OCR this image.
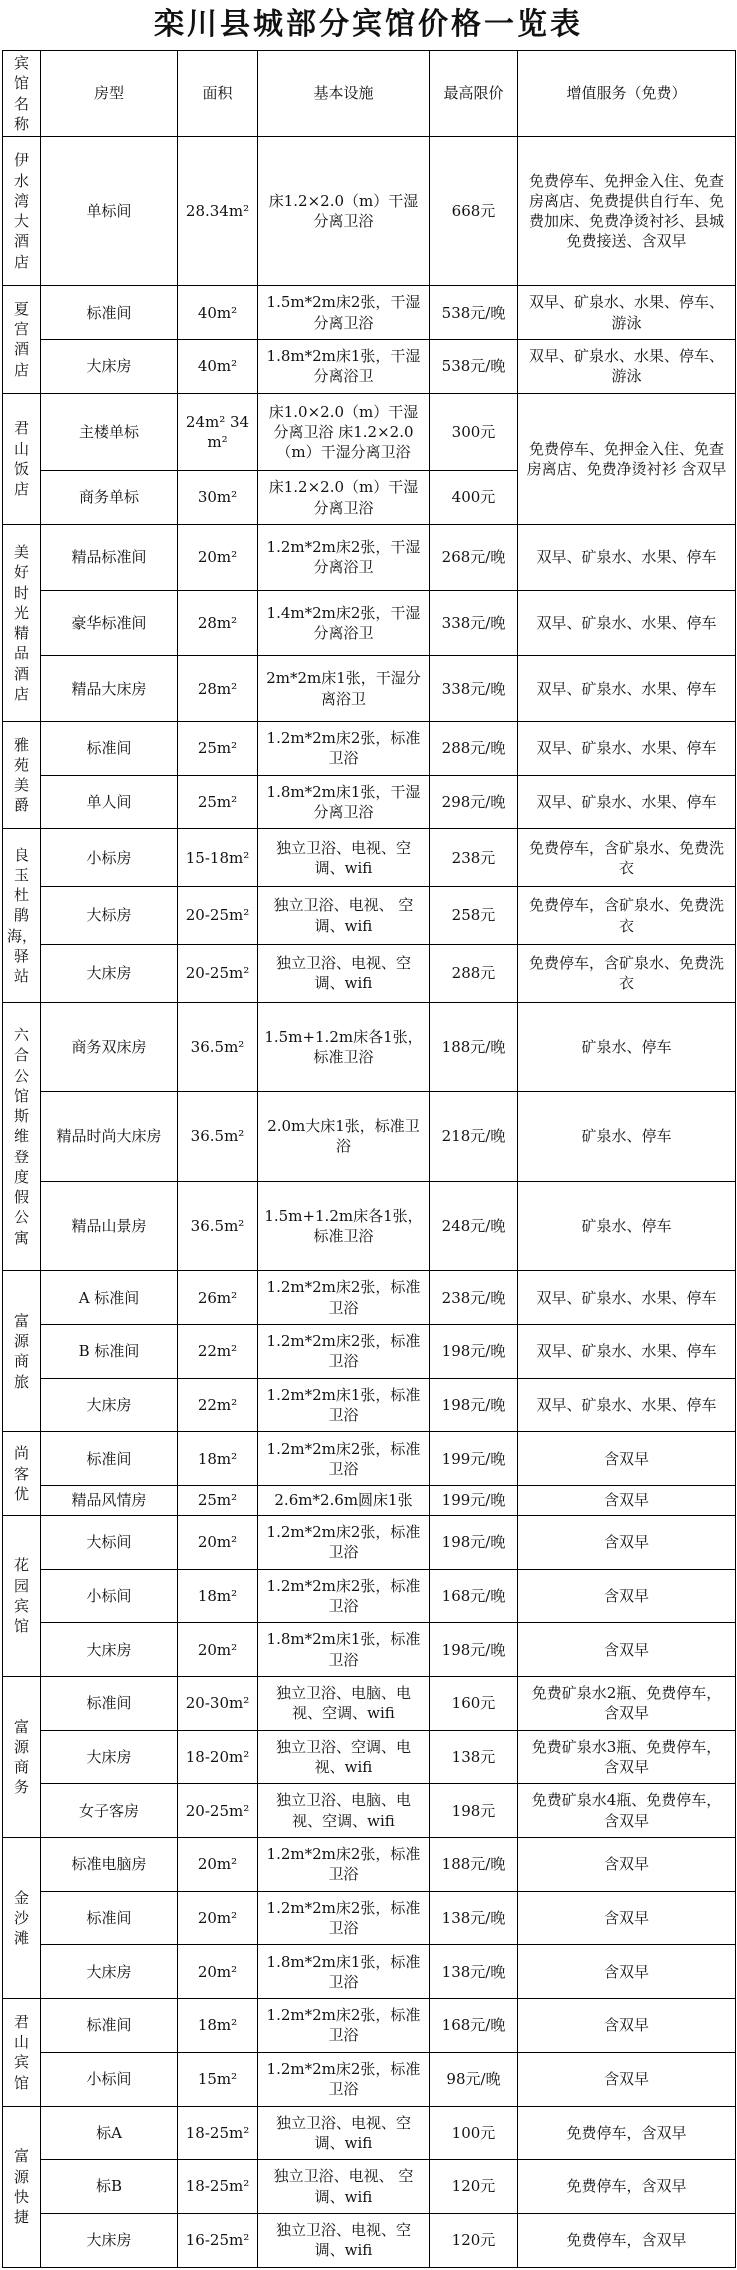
栾川县城部分宾馆价格一览表
宾馆名称	房型	面积	基本设施	最高限价	增值服务（免费）
伊水湾大酒店	单标间	28.34m²	床1.2×2.0（m）干湿分离卫浴	668元	免费停车、免押金入住、免查房离店、免费提供自行车、免费加床、免费净烫衬衫、县城免费接送、含双早
夏宫酒店	标准间	40m²	1.5m*2m床2张，干湿分离卫浴	538元/晚	双早、矿泉水、水果、停车、游泳
	大床房	40m²	1.8m*2m床1张，干湿分离浴卫	538元/晚	双早、矿泉水、水果、停车、游泳
君山饭店	主楼单标	24m² 34m²	床1.0×2.0（m）干湿分离卫浴 床1.2×2.0（m）干湿分离卫浴	300元	免费停车、免押金入住、免查房离店、免费净烫衬衫 含双早
	商务单标	30m²	床1.2×2.0（m）干湿分离卫浴	400元	
美好时光精品酒店	精品标准间	20m²	1.2m*2m床2张，干湿分离浴卫	268元/晚	双早、矿泉水、水果、停车
	豪华标准间	28m²	1.4m*2m床2张，干湿分离浴卫	338元/晚	双早、矿泉水、水果、停车
	精品大床房	28m²	2m*2m床1张，干湿分离浴卫	338元/晚	双早、矿泉水、水果、停车
雅苑美爵	标准间	25m²	1.2m*2m床2张，标准卫浴	288元/晚	双早、矿泉水、水果、停车
	单人间	25m²	1.8m*2m床1张，干湿分离卫浴	298元/晚	双早、矿泉水、水果、停车
良玉杜鹃海，驿站	小标房	15-18m²	独立卫浴、电视、空调、wifi	238元	免费停车，含矿泉水、免费洗衣
	大标房	20-25m²	独立卫浴、电视、 空调、wifi	258元	免费停车，含矿泉水、免费洗衣
	大床房	20-25m²	独立卫浴、电视、空调、wifi	288元	免费停车，含矿泉水、免费洗衣
六合公馆斯维登度假公寓	商务双床房	36.5m²	1.5m+1.2m床各1张，标准卫浴	188元/晚	矿泉水、停车
	精品时尚大床房	36.5m²	2.0m大床1张，标准卫浴	218元/晚	矿泉水、停车
	精品山景房	36.5m²	1.5m+1.2m床各1张，标准卫浴	248元/晚	矿泉水、停车
富源商旅	A 标准间	26m²	1.2m*2m床2张，标准卫浴	238元/晚	双早、矿泉水、水果、停车
	B 标准间	22m²	1.2m*2m床2张，标准卫浴	198元/晚	双早、矿泉水、水果、停车
	大床房	22m²	1.2m*2m床1张，标准卫浴	198元/晚	双早、矿泉水、水果、停车
尚客优	标准间	18m²	1.2m*2m床2张，标准卫浴	199元/晚	含双早
	精品风情房	25m²	2.6m*2.6m圆床1张	199元/晚	含双早
花园宾馆	大标间	20m²	1.2m*2m床2张，标准卫浴	198元/晚	含双早
	小标间	18m²	1.2m*2m床2张，标准卫浴	168元/晚	含双早
	大床房	20m²	1.8m*2m床1张，标准卫浴	198元/晚	含双早
富源商务	标准间	20-30m²	独立卫浴、电脑、电视、空调、wifi	160元	免费矿泉水2瓶、免费停车， 含双早
	大床房	18-20m²	独立卫浴、空调、电视、wifi	138元	免费矿泉水3瓶、免费停车， 含双早
	女子客房	20-25m²	独立卫浴、电脑、电视、空调、wifi	198元	免费矿泉水4瓶、免费停车， 含双早
金沙滩	标准电脑房	20m²	1.2m*2m床2张，标准卫浴	188元/晚	含双早
	标准间	20m²	1.2m*2m床2张，标准卫浴	138元/晚	含双早
	大床房	20m²	1.8m*2m床1张，标准卫浴	138元/晚	含双早
君山宾馆	标准间	18m²	1.2m*2m床2张，标准卫浴	168元/晚	含双早
	小标间	15m²	1.2m*2m床2张，标准卫浴	98元/晚	含双早
富源快捷	标A	18-25m²	独立卫浴、电视、空调、wifi	100元	免费停车，含双早
	标B	18-25m²	独立卫浴、电视、 空调、wifi	120元	免费停车，含双早
	大床房	16-25m²	独立卫浴、电视、空调、wifi	120元	免费停车，含双早
